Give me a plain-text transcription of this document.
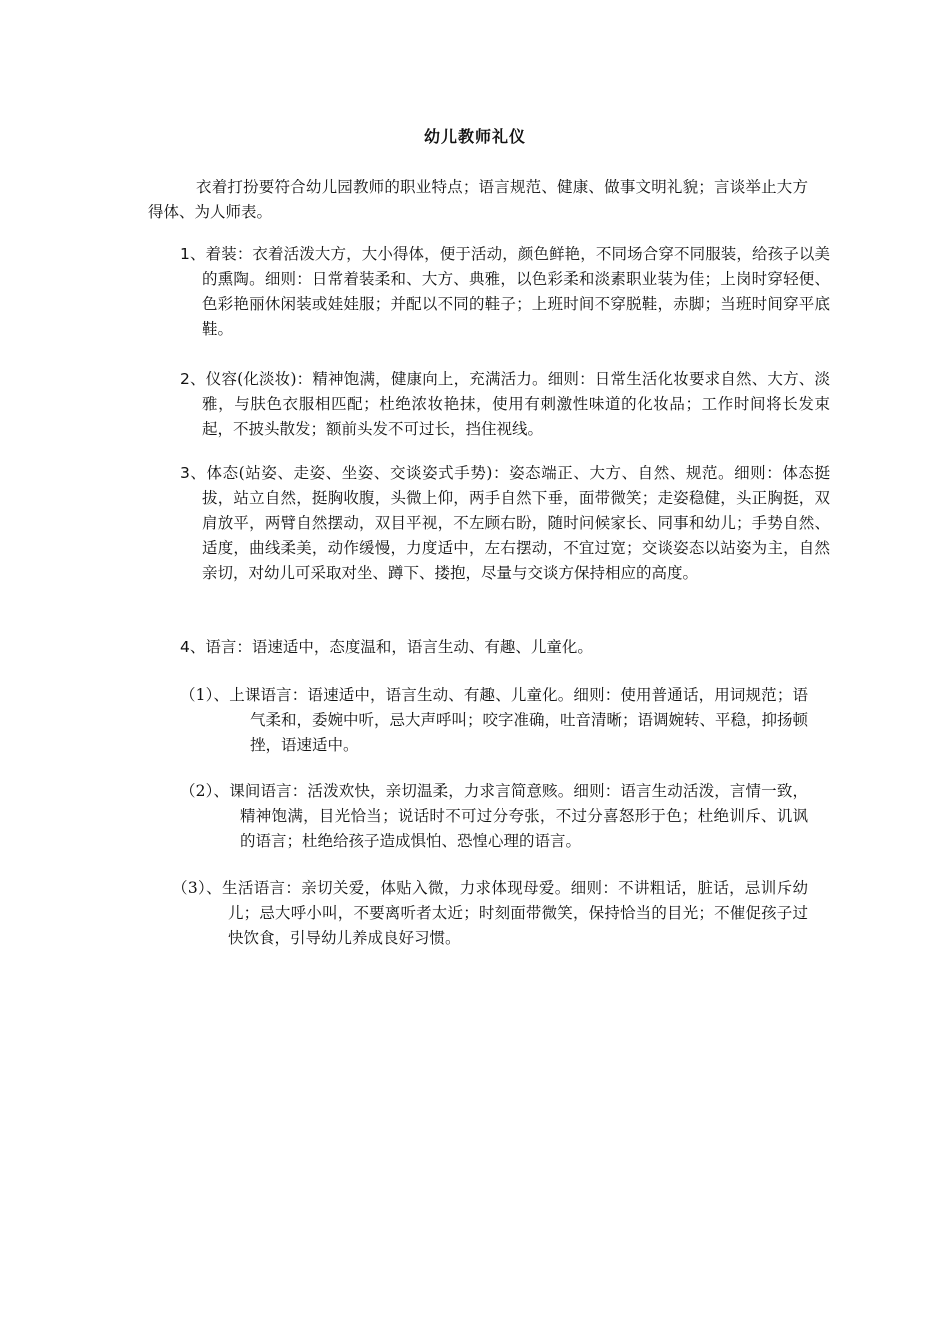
幼儿教师礼仪

衣着打扮要符合幼儿园教师的职业特点；语言规范、健康、做事文明礼貌；言谈举止大方得体、为人师表。

1、着装：衣着活泼大方，大小得体，便于活动，颜色鲜艳，不同场合穿不同服装，给孩子以美的熏陶。细则：日常着装柔和、大方、典雅，以色彩柔和淡素职业装为佳；上岗时穿轻便、色彩艳丽休闲装或娃娃服；并配以不同的鞋子；上班时间不穿脱鞋，赤脚；当班时间穿平底鞋。

2、仪容(化淡妆)：精神饱满，健康向上，充满活力。细则：日常生活化妆要求自然、大方、淡雅，与肤色衣服相匹配；杜绝浓妆艳抹，使用有刺激性味道的化妆品；工作时间将长发束起，不披头散发；额前头发不可过长，挡住视线。

3、体态(站姿、走姿、坐姿、交谈姿式手势)：姿态端正、大方、自然、规范。细则：体态挺拔，站立自然，挺胸收腹，头微上仰，两手自然下垂，面带微笑；走姿稳健，头正胸挺，双肩放平，两臂自然摆动，双目平视，不左顾右盼，随时问候家长、同事和幼儿；手势自然、适度，曲线柔美，动作缓慢，力度适中，左右摆动，不宜过宽；交谈姿态以站姿为主，自然亲切，对幼儿可采取对坐、蹲下、搂抱，尽量与交谈方保持相应的高度。

4、语言：语速适中，态度温和，语言生动、有趣、儿童化。

（1）、上课语言：语速适中，语言生动、有趣、儿童化。细则：使用普通话，用词规范；语气柔和，委婉中听，忌大声呼叫；咬字准确，吐音清晰；语调婉转、平稳，抑扬顿挫，语速适中。

（2）、课间语言：活泼欢快，亲切温柔，力求言简意赅。细则：语言生动活泼，言情一致，精神饱满，目光恰当；说话时不可过分夸张，不过分喜怒形于色；杜绝训斥、讥讽的语言；杜绝给孩子造成惧怕、恐惶心理的语言。

（3）、生活语言：亲切关爱，体贴入微，力求体现母爱。细则：不讲粗话，脏话，忌训斥幼儿；忌大呼小叫，不要离听者太近；时刻面带微笑，保持恰当的目光；不催促孩子过快饮食，引导幼儿养成良好习惯。
